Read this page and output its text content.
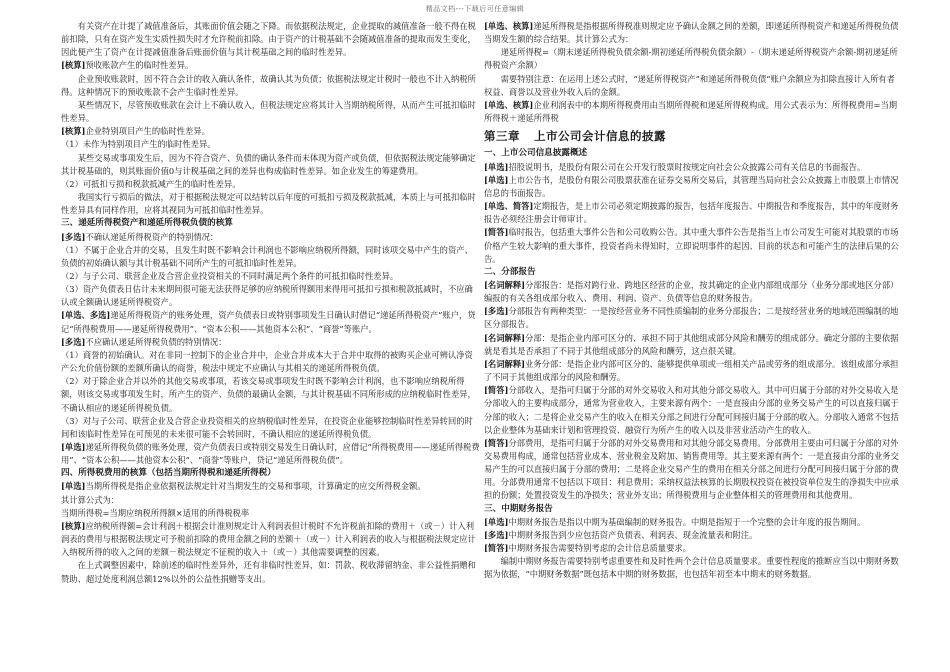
精品文档---下载后可任意编辑

有关资产在计提了减值准备后，其账面价值会随之下降。而依据税法规定，企业提取的减值准备一般不得在税前扣除，只有在资产发生实质性损失时才允许税前扣除。由于资产的计税基础不会随减值准备的提取而发生变化，因此便产生了资产在计提减值准备后账面价值与其计税基础之间的临时性差异。

[核算]预收账款产生的临时性差异。

企业预收账款时，因不符合会计的收入确认条件，故确认其为负债；依据税法规定计税时一般也不计入纳税所得。这种情况下的预收账款不会产生临时性差异。

某些情况下，尽管预收账款在会计上不确认收入，但税法规定应将其计入当期纳税所得，从而产生可抵扣临时性差异。

[核算]企业特别项目产生的临时性差异。

（1）未作为特别项目产生的临时性差异。

某些交易或事项发生后，因为不符合资产、负债的确认条件而未体现为资产或负债，但依据税法规定能够确定其计税基础的，则其账面价值0与计税基础之间的差异也构成临时性差异。如企业发生的筹建费用。

（2）可抵扣亏损和税款抵减产生的临时性差异。

我国实行亏损后的做法，对于根据税法规定可以结转以后年度的可抵扣亏损及税款抵减，本质上与可抵扣临时性差异具有同样作用，应将其视同为可抵扣临时性差异。

三、递延所得税资产和递延所得税负债的核算

[多选]不确认递延所得税资产的特别情况：

（1）不属于企业合并的交易，且发生时既不影响会计利润也不影响应纳税所得额，同时该项交易中产生的资产、负债的初始确认额与其计税基础不同所产生的可抵扣临时性差异。

（2）与子公司、联营企业及合营企业投资相关的不同时满足两个条件的可抵扣临时性差异。

（3）资产负债表日估计未来期间很可能无法获得足够的应纳税所得额用来得用可抵扣亏损和税款抵减时，不应确认或全额确认递延所得税资产。

[单选、多选]递延所得税资产的账务处理，资产负债表日或特别事项发生日确认时借记“递延所得税资产”账户，贷记“所得税费用——递延所得税费用”、“资本公积——其他资本公积”、“商誉”等账户。

[多选]不应确认递延所得税负债的特别情况：

（1）商誉的初始确认。对在非同一控制下的企业合并中，企业合并成本大于合并中取得的被购买企业可辨认净资产公允价值份额的差额所确认的商誉，税法中规定不应确认与其相关的递延所得税负债。

（2）对于除企业合并以外的其他交易或事项，若该交易或事项发生时既不影响会计利润，也不影响应纳税所得额，则该交易或事项发生时，所产生的资产、负债的最确认金额，与其计税基础不同所形成的应纳税临时性差异，不确认相应的递延所得税负债。

（3）对与子公司、联营企业及合营企业投资相关的应纳税临时性差异，在投资企业能够控制临时性差异转回的时间和该临时性差异在可预见的未来很可能不会转回时，不确认相应的递延所得税负债。

[单选]递延所得税负债的账务处理，资产负债表日或特别交易发生日确认时，应借记“所得税费用——递延所得税费用”、“资本公积——其他资本公积”、“商誉”等账户，贷记“递延所得税负债”。

四、所得税费用的核算（包括当期所得税和递延所得税）

[单选]当期所得税是指企业依据税法规定针对当期发生的交易和事项，计算确定的应交所得税金额。

其计算公式为：

当期所得税=当期应纳税所得额×适用的所得税税率

[核算]应纳税所得额=会计利润＋根据会计准则规定计入利润表但计税时不允许税前扣除的费用＋（或－）计入利润表的费用与根据税法规定可予税前扣除的费用金额之间的差额＋（或－）计入利润表的收入与根据税法规定应计入纳税所得的收入之间的差额－税法规定不征税的收入＋（或－）其他需要调整的因素。

在上式调整因素中，除前述的临时性差异外，还有非临时性差异，如：罚款、税收滞留纳金、非公益性捐赠和赞助、超过处度利润总额12%以外的公益性捐赠等支出。

[单选、核算]递延所得税是指根据所得税准则规定应予确认金额之间的差额，即递延所得税资产和递延所得税负债当期发生额的综合结果。其计算公式为：

递延所得税=（期末递延所得税负债余额-期初递延所得税负债余额）-（期末递延所得税资产余额-期初递延所得税资产余额）

需要特别注意：在运用上述公式时，“递延所得税资产”和递延所得税负债“账户余额应为扣除直接计入所有者权益、商誉以及营业外收入后的金额。

[单选、核算]企业利润表中的本期所得税费用由当期所得税和递延所得税构成。用公式表示为：所得税费用=当期所得税＋递延所得税

第三章 上市公司会计信息的披露

一、上市公司信息披露概述

[单选]招股说明书，是股份有限公司在公开发行股票时按规定向社会公众披露公司有关信息的书面报告。

[单选]上市公告书，是股份有限公司股票获准在证券交易所交易后，其管理当局向社会公众披露上市股票上市情况信息的书面报告。

[单选、简答]定期报告，是上市公司必须定期披露的报告，包括年度报告、中期报告和季度报告，其中的年度财务报告必须经注册会计师审计。

[简答]临时报告，包括重大事件公告和公司收购公告。其中重大事件公告是指当上市公司发生可能对其股票的市场价格产生较大影响的重大事件，投资者尚未得知时，立即说明事件的起因、目前的状态和可能产生的法律后果的公告。

二、分部报告

[名词解释]分部报告：是指对跨行业、跨地区经营的企业，按其确定的企业内部组成部分（业务分部或地区分部）编报的有关各组成部分收入、费用、利润、资产、负债等信息的财务报告。

[多选]分部报告有两种类型：一是按经营业务不同性质编制的业务分部报告；二是按经营业务的地域范围编制的地区分部报告。

[名词解释]分部：是指企业内部可区分的、承担不同于其他组成部分风险和酬劳的组成部分。确定分部的主要依据就是看其是否承担了不同于其他组成部分的风险和酬劳，这点很关键。

[名词解释]业务分部：是指企业内部可区分的、能够提供单项或一组相关产品或劳务的组成部分。该组成部分承担了不同于其他组成部分的风险和酬劳。

[简答]分部收入，是指可归属于分部的对外交易收入和对其他分部交易收入。其中可归属于分部的对外交易收入是分部收入的主要构成部分，通常为营业收入，主要来源有两个：一是直接由分部的业务交易产生的可以直接归属于分部的收入；二是将企业交易产生的收入在相关分部之间进行分配可间接归属于分部的收入。分部收入通常不包括以企业整体为基础来计划和管理投资、融资行为所产生的收入以及非营业活动产生的收入。

[简答]分部费用，是指可归属于分部的对外交易费用和对其他分部交易费用。分部费用主要由可归属于分部的对外交易费用构成，通常包括营业成本、营业税金及附加、销售费用等。其主要来源有两个：一是直接由分部的业务交易产生的可以直接归属于分部的费用；二是将企业交易产生的费用在相关分部之间进行分配可间接归属于分部的费用。分部费用通常不包括以下项目：利息费用；采纳权益法核算的长期股权投资在被投资单位发生的净损失中应承担的份额；处置投资发生的净损失；营业外支出；所得税费用与企业整体相关的管理费用和其他费用。

三、中期财务报告

[单选]中期财务报告是指以中期为基础编制的财务报告。中期是指短于一个完整的会计年度的报告期间。

[多选]中期财务报告到少应包括资产负债表、利润表、现金流量表和附注。

[简答]中期财务报告需要特别考虑的会计信息质量要求。

编制中期财务报告需要特别考虑重要性和及时性两个会计信息质量要求。重要性程度的推断应当以中期财务数据为依据，“中期财务数据”既包括本中期的财务数据，也包括年初至本中期末的财务数据。
